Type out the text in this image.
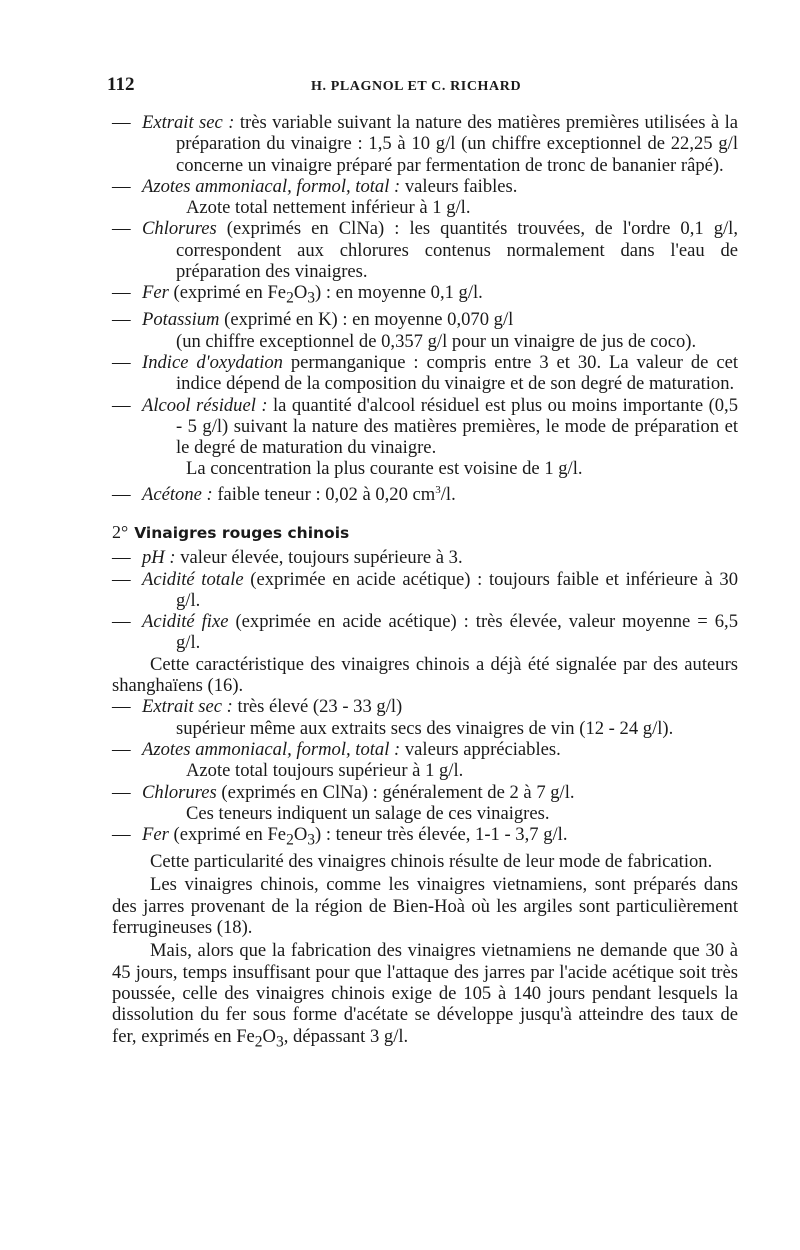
112	H. PLAGNOL ET C. RICHARD
— Extrait sec : très variable suivant la nature des matières premières utilisées à la préparation du vinaigre : 1,5 à 10 g/l (un chiffre exceptionnel de 22,25 g/l concerne un vinaigre préparé par fermentation de tronc de bananier râpé).
— Azotes ammoniacal, formol, total : valeurs faibles.
Azote total nettement inférieur à 1 g/l.
— Chlorures (exprimés en ClNa) : les quantités trouvées, de l'ordre 0,1 g/l, correspondent aux chlorures contenus normalement dans l'eau de préparation des vinaigres.
— Fer (exprimé en $Fe_2O_3$) : en moyenne 0,1 g/l.
— Potassium (exprimé en K) : en moyenne 0,070 g/l
(un chiffre exceptionnel de 0,357 g/l pour un vinaigre de jus de coco).
— Indice d'oxydation permanganique : compris entre 3 et 30. La valeur de cet indice dépend de la composition du vinaigre et de son degré de maturation.
— Alcool résiduel : la quantité d'alcool résiduel est plus ou moins importante (0,5 - 5 g/l) suivant la nature des matières premières, le mode de préparation et le degré de maturation du vinaigre.
La concentration la plus courante est voisine de 1 g/l.
— Acétone : faible teneur : 0,02 à 0,20 $cm^3/l$.
2° Vinaigres rouges chinois
— pH : valeur élevée, toujours supérieure à 3.
— Acidité totale (exprimée en acide acétique) : toujours faible et inférieure à 30 g/l.
— Acidité fixe (exprimée en acide acétique) : très élevée, valeur moyenne = 6,5 g/l.
Cette caractéristique des vinaigres chinois a déjà été signalée par des auteurs shanghaïens (16).
— Extrait sec : très élevé (23 - 33 g/l)
supérieur même aux extraits secs des vinaigres de vin (12 - 24 g/l).
— Azotes ammoniacal, formol, total : valeurs appréciables.
Azote total toujours supérieur à 1 g/l.
— Chlorures (exprimés en ClNa) : généralement de 2 à 7 g/l.
Ces teneurs indiquent un salage de ces vinaigres.
— Fer (exprimé en $Fe_2O_3$) : teneur très élevée, 1-1 - 3,7 g/l.
Cette particularité des vinaigres chinois résulte de leur mode de fabrication.
Les vinaigres chinois, comme les vinaigres vietnamiens, sont préparés dans des jarres provenant de la région de Bien-Hoà où les argiles sont particulièrement ferrugineuses (18).
Mais, alors que la fabrication des vinaigres vietnamiens ne demande que 30 à 45 jours, temps insuffisant pour que l'attaque des jarres par l'acide acétique soit très poussée, celle des vinaigres chinois exige de 105 à 140 jours pendant lesquels la dissolution du fer sous forme d'acétate se développe jusqu'à atteindre des taux de fer, exprimés en $Fe_2O_3$, dépassant 3 g/l.
